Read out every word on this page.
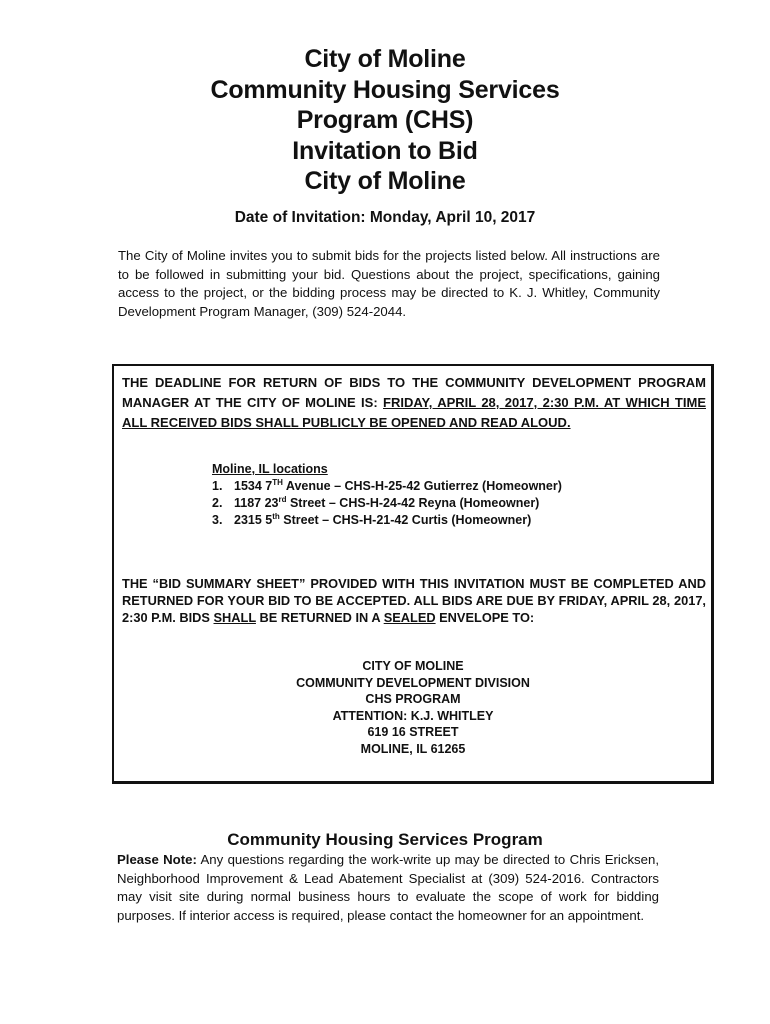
City of Moline
Community Housing Services
Program (CHS)
Invitation to Bid
City of Moline
Date of Invitation: Monday, April 10, 2017

The City of Moline invites you to submit bids for the projects listed below. All instructions are to be followed in submitting your bid. Questions about the project, specifications, gaining access to the project, or the bidding process may be directed to K. J. Whitley, Community Development Program Manager, (309) 524-2044.

THE DEADLINE FOR RETURN OF BIDS TO THE COMMUNITY DEVELOPMENT PROGRAM MANAGER AT THE CITY OF MOLINE IS: FRIDAY, APRIL 28, 2017, 2:30 P.M. AT WHICH TIME ALL RECEIVED BIDS SHALL PUBLICLY BE OPENED AND READ ALOUD.
Moline, IL locations
1. 1534 7TH Avenue – CHS-H-25-42 Gutierrez (Homeowner)
2. 1187 23rd Street – CHS-H-24-42 Reyna (Homeowner)
3. 2315 5th Street – CHS-H-21-42 Curtis (Homeowner)
THE “BID SUMMARY SHEET” PROVIDED WITH THIS INVITATION MUST BE COMPLETED AND RETURNED FOR YOUR BID TO BE ACCEPTED. ALL BIDS ARE DUE BY FRIDAY, APRIL 28, 2017, 2:30 P.M. BIDS SHALL BE RETURNED IN A SEALED ENVELOPE TO:
CITY OF MOLINE
COMMUNITY DEVELOPMENT DIVISION
CHS PROGRAM
ATTENTION: K.J. WHITLEY
619 16 STREET
MOLINE, IL 61265
Community Housing Services Program

Please Note: Any questions regarding the work-write up may be directed to Chris Ericksen, Neighborhood Improvement & Lead Abatement Specialist at (309) 524-2016. Contractors may visit site during normal business hours to evaluate the scope of work for bidding purposes. If interior access is required, please contact the homeowner for an appointment.
